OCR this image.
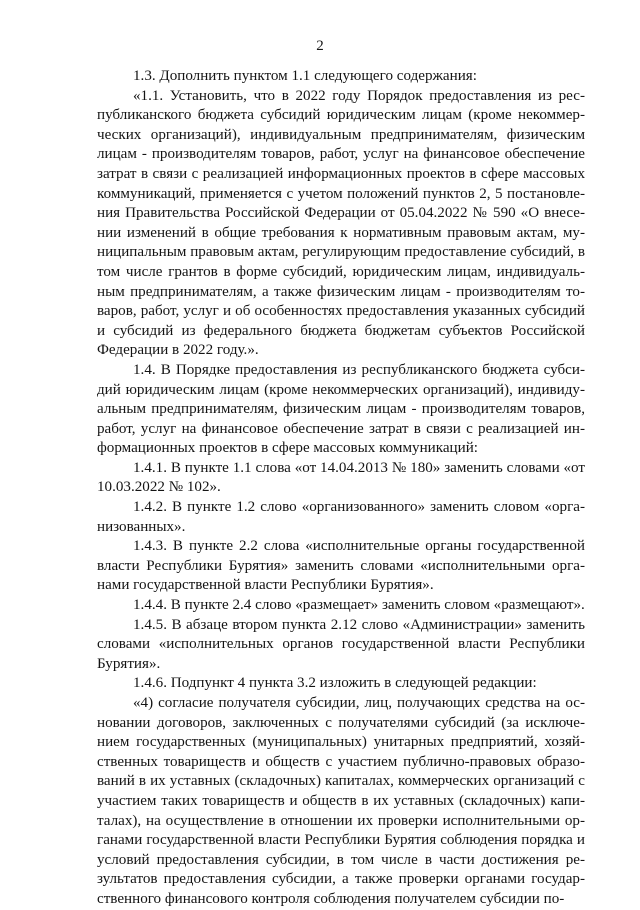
2

1.3. Дополнить пунктом 1.1 следующего содержания:

«1.1. Установить, что в 2022 году Порядок предоставления из республиканского бюджета субсидий юридическим лицам (кроме некоммерческих организаций), индивидуальным предпринимателям, физическим лицам - производителям товаров, работ, услуг на финансовое обеспечение затрат в связи с реализацией информационных проектов в сфере массовых коммуникаций, применяется с учетом положений пунктов 2, 5 постановления Правительства Российской Федерации от 05.04.2022 № 590 «О внесении изменений в общие требования к нормативным правовым актам, муниципальным правовым актам, регулирующим предоставление субсидий, в том числе грантов в форме субсидий, юридическим лицам, индивидуальным предпринимателям, а также физическим лицам - производителям товаров, работ, услуг и об особенностях предоставления указанных субсидий и субсидий из федерального бюджета бюджетам субъектов Российской Федерации в 2022 году.».

1.4. В Порядке предоставления из республиканского бюджета субсидий юридическим лицам (кроме некоммерческих организаций), индивидуальным предпринимателям, физическим лицам - производителям товаров, работ, услуг на финансовое обеспечение затрат в связи с реализацией информационных проектов в сфере массовых коммуникаций:

1.4.1. В пункте 1.1 слова «от 14.04.2013 № 180» заменить словами «от 10.03.2022 № 102».

1.4.2. В пункте 1.2 слово «организованного» заменить словом «организованных».

1.4.3. В пункте 2.2 слова «исполнительные органы государственной власти Республики Бурятия» заменить словами «исполнительными органами государственной власти Республики Бурятия».

1.4.4. В пункте 2.4 слово «размещает» заменить словом «размещают».

1.4.5. В абзаце втором пункта 2.12 слово «Администрации» заменить словами «исполнительных органов государственной власти Республики Бурятия».

1.4.6. Подпункт 4 пункта 3.2 изложить в следующей редакции:

«4) согласие получателя субсидии, лиц, получающих средства на основании договоров, заключенных с получателями субсидий (за исключением государственных (муниципальных) унитарных предприятий, хозяйственных товариществ и обществ с участием публично-правовых образований в их уставных (складочных) капиталах, коммерческих организаций с участием таких товариществ и обществ в их уставных (складочных) капиталах), на осуществление в отношении их проверки исполнительными органами государственной власти Республики Бурятия соблюдения порядка и условий предоставления субсидии, в том числе в части достижения результатов предоставления субсидии, а также проверки органами государственного финансового контроля соблюдения получателем субсидии по-
